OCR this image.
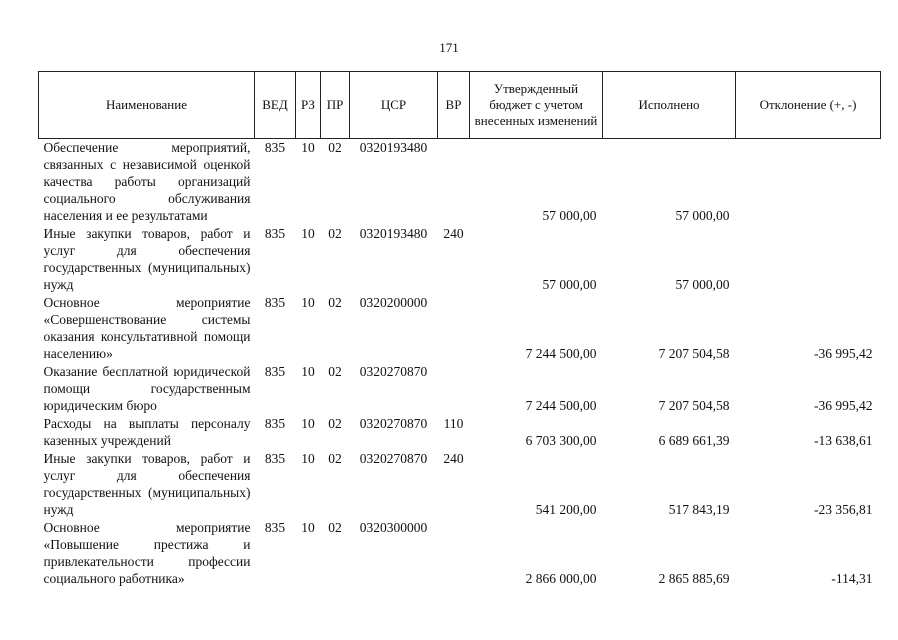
171
Наименование	ВЕД	РЗ	ПР	ЦСР	ВР	Утвержденный бюджет с учетом внесенных изменений	Исполнено	Отклонение (+, -)
Обеспечение мероприятий, связанных с независимой оценкой качества работы организаций социального обслуживания населения и ее результатами	835	10	02	0320193480		57 000,00	57 000,00	
Иные закупки товаров, работ и услуг для обеспечения государственных (муниципальных) нужд	835	10	02	0320193480	240	57 000,00	57 000,00	
Основное мероприятие «Совершенствование системы оказания консультативной помощи населению»	835	10	02	0320200000		7 244 500,00	7 207 504,58	-36 995,42
Оказание бесплатной юридической помощи государственным юридическим бюро	835	10	02	0320270870		7 244 500,00	7 207 504,58	-36 995,42
Расходы на выплаты персоналу казенных учреждений	835	10	02	0320270870	110	6 703 300,00	6 689 661,39	-13 638,61
Иные закупки товаров, работ и услуг для обеспечения государственных (муниципальных) нужд	835	10	02	0320270870	240	541 200,00	517 843,19	-23 356,81
Основное мероприятие «Повышение престижа и привлекательности профессии социального работника»	835	10	02	0320300000		2 866 000,00	2 865 885,69	-114,31
